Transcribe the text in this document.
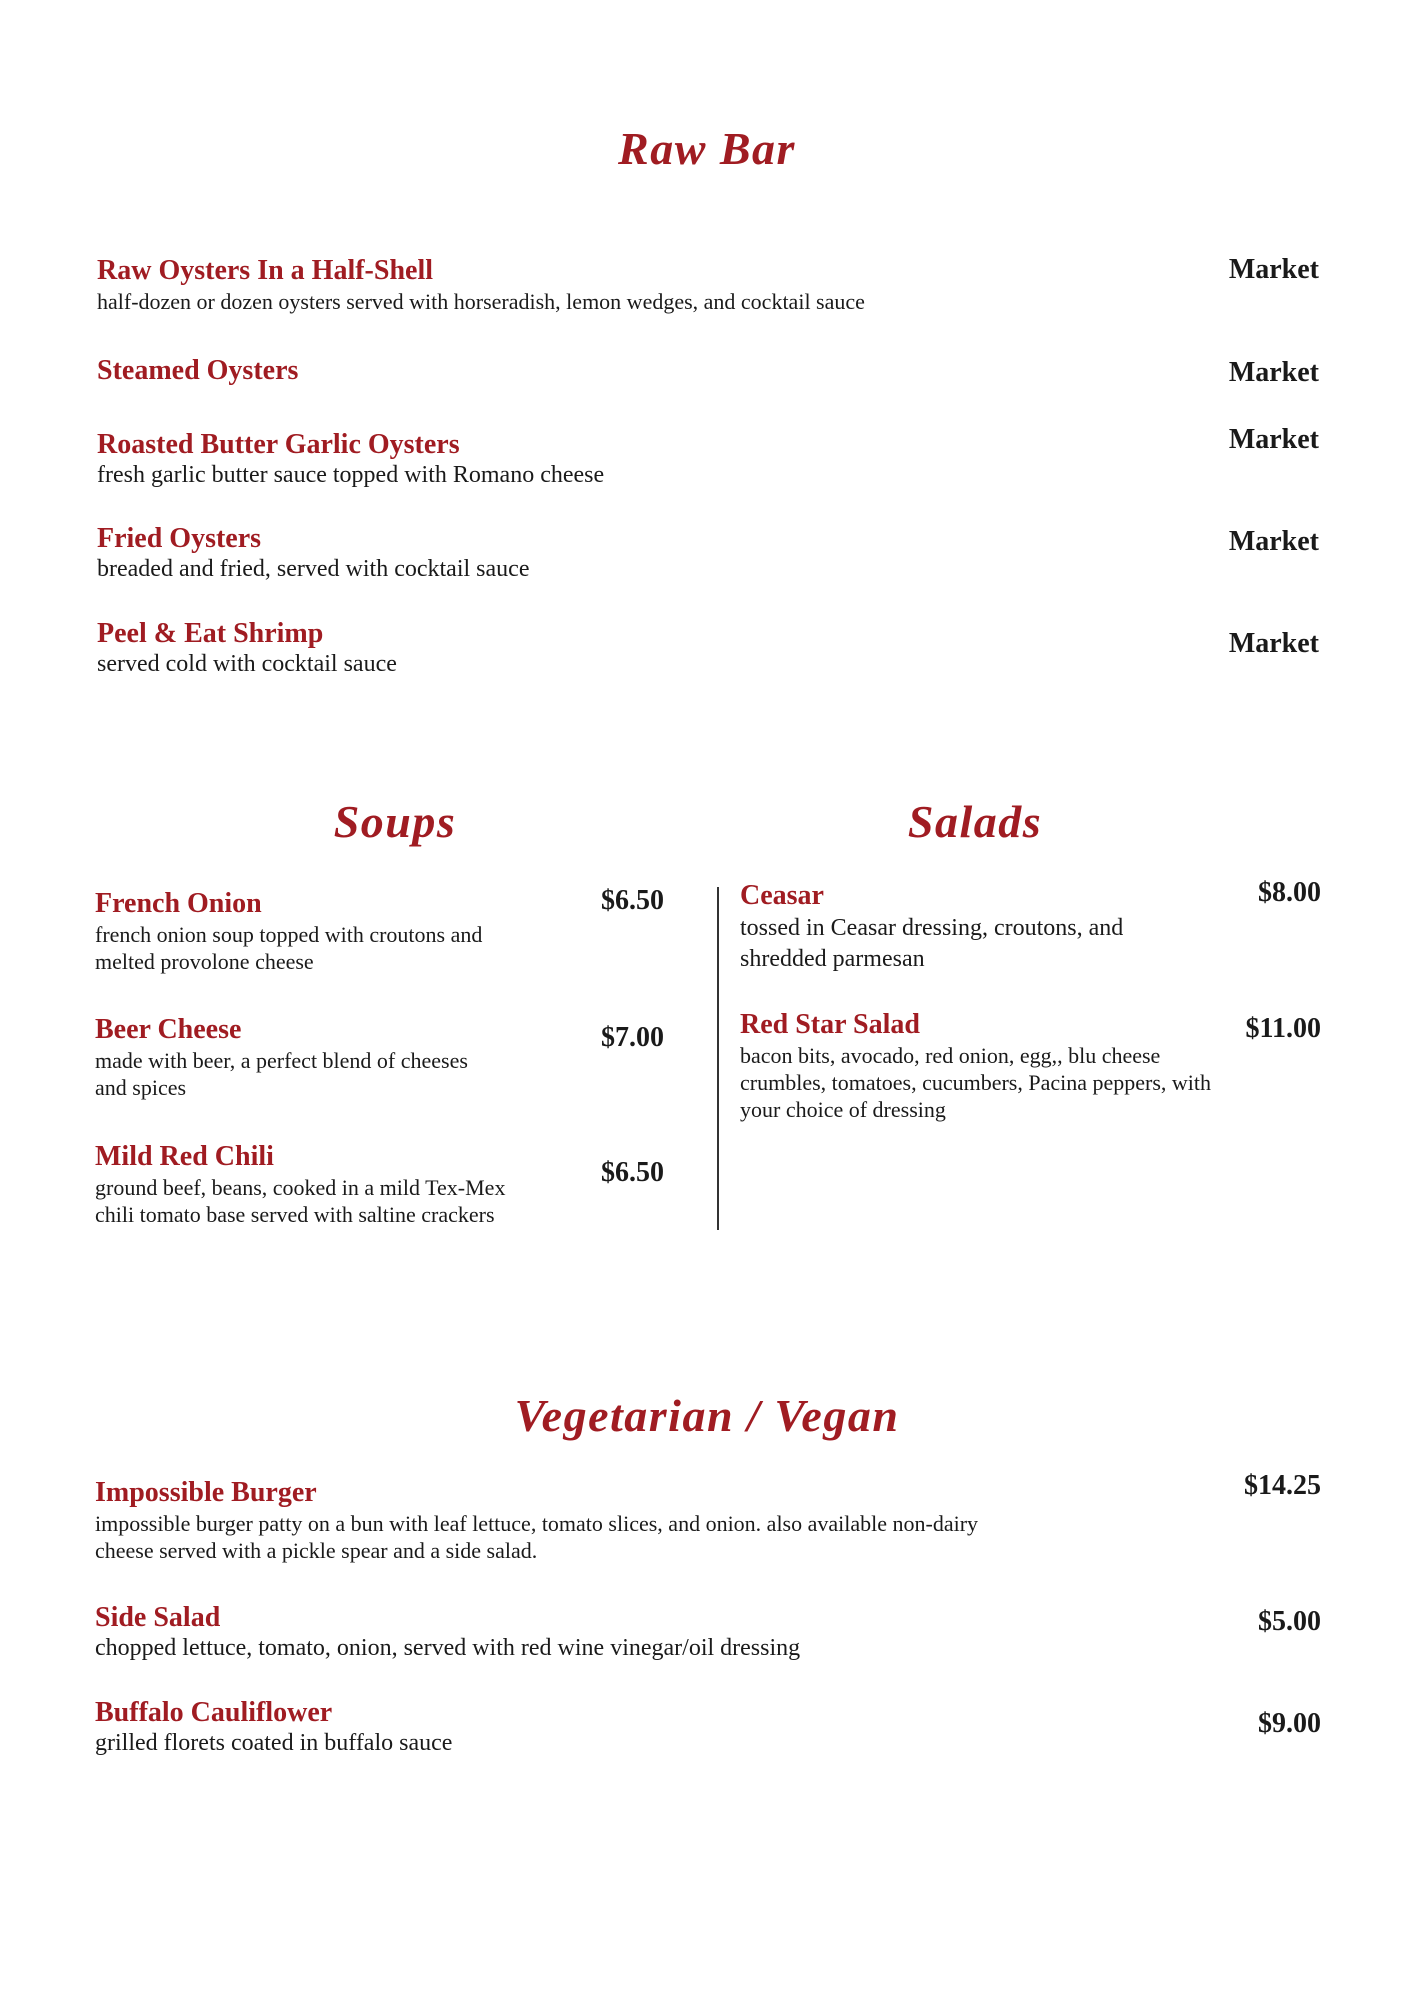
Raw Bar
Raw Oysters In a Half-Shell
half-dozen or dozen oysters served with horseradish, lemon wedges, and cocktail sauce
Market
Steamed Oysters	Market
Roasted Butter Garlic Oysters
fresh garlic butter sauce topped with Romano cheese
Market
Fried Oysters
breaded and fried, served with cocktail sauce
Market
Peel & Eat Shrimp
served cold with cocktail sauce
Market
Soups
French Onion
french onion soup topped with croutons and
melted provolone cheese
$6.50
Beer Cheese
made with beer, a perfect blend of cheeses
and spices
$7.00
Mild Red Chili
ground beef, beans, cooked in a mild Tex-Mex
chili tomato base served with saltine crackers
$6.50
Salads
Ceasar
tossed in Ceasar dressing, croutons, and
shredded parmesan
$8.00
Red Star Salad
bacon bits, avocado, red onion, egg,, blu cheese
crumbles, tomatoes, cucumbers, Pacina peppers, with
your choice of dressing
$11.00
Vegetarian / Vegan
Impossible Burger
impossible burger patty on a bun with leaf lettuce, tomato slices, and onion. also available non-dairy
cheese served with a pickle spear and a side salad.
$14.25
Side Salad
chopped lettuce, tomato, onion, served with red wine vinegar/oil dressing
$5.00
Buffalo Cauliflower
grilled florets coated in buffalo sauce
$9.00
